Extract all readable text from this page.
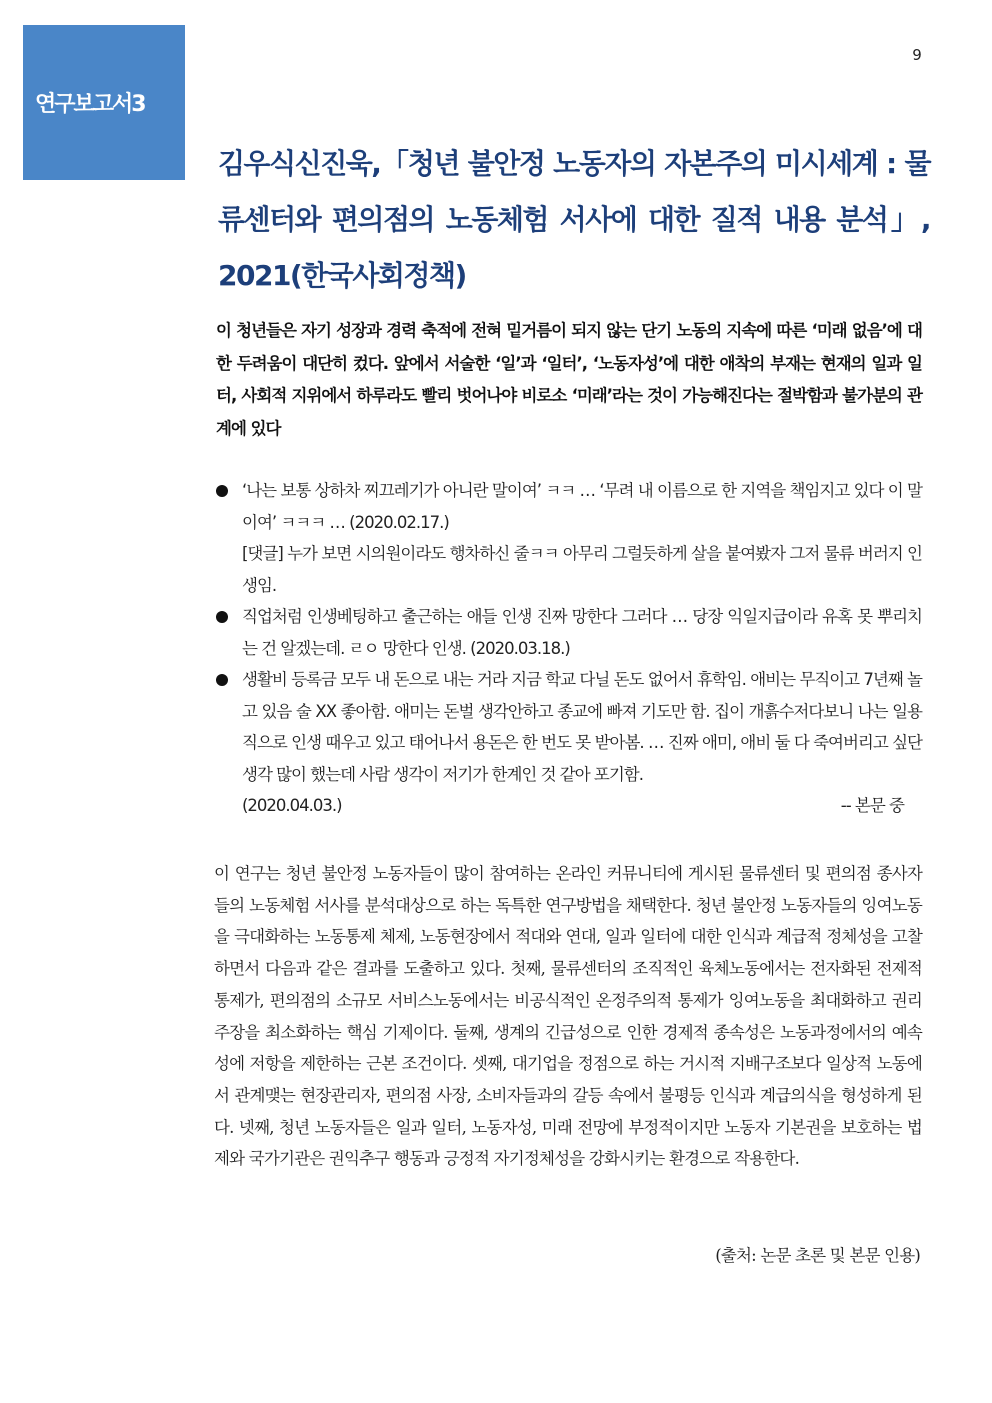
연구보고서3
9
김우식신진욱,「청년 불안정 노동자의 자본주의 미시세계 : 물류센터와 편의점의 노동체험 서사에 대한 질적 내용 분석」, 2021(한국사회정책)
이 청년들은 자기 성장과 경력 축적에 전혀 밑거름이 되지 않는 단기 노동의 지속에 따른 ‘미래 없음’에 대한 두려움이 대단히 컸다. 앞에서 서술한 ‘일’과 ‘일터’, ‘노동자성’에 대한 애착의 부재는 현재의 일과 일터, 사회적 지위에서 하루라도 빨리 벗어나야 비로소 ‘미래’라는 것이 가능해진다는 절박함과 불가분의 관계에 있다
‘나는 보통 상하차 찌끄레기가 아니란 말이여’ ㅋㅋ … ‘무려 내 이름으로 한 지역을 책임지고 있다 이 말이여’ ㅋㅋㅋ … (2020.02.17.)
[댓글] 누가 보면 시의원이라도 행차하신 줄ㅋㅋ 아무리 그럴듯하게 살을 붙여봤자 그저 물류 버러지 인생임.
직업처럼 인생베팅하고 출근하는 애들 인생 진짜 망한다 그러다 … 당장 익일지급이라 유혹 못 뿌리치는 건 알겠는데. ㄹㅇ 망한다 인생. (2020.03.18.)
생활비 등록금 모두 내 돈으로 내는 거라 지금 학교 다닐 돈도 없어서 휴학임. 애비는 무직이고 7년째 놀고 있음 술 XX 좋아함. 애미는 돈벌 생각안하고 종교에 빠져 기도만 함. 집이 개흙수저다보니 나는 일용직으로 인생 때우고 있고 태어나서 용돈은 한 번도 못 받아봄. … 진짜 애미, 애비 둘 다 죽여버리고 싶단 생각 많이 했는데 사람 생각이 저기가 한계인 것 같아 포기함.
(2020.04.03.)	-- 본문 중
이 연구는 청년 불안정 노동자들이 많이 참여하는 온라인 커뮤니티에 게시된 물류센터 및 편의점 종사자들의 노동체험 서사를 분석대상으로 하는 독특한 연구방법을 채택한다. 청년 불안정 노동자들의 잉여노동을 극대화하는 노동통제 체제, 노동현장에서 적대와 연대, 일과 일터에 대한 인식과 계급적 정체성을 고찰하면서 다음과 같은 결과를 도출하고 있다. 첫째, 물류센터의 조직적인 육체노동에서는 전자화된 전제적 통제가, 편의점의 소규모 서비스노동에서는 비공식적인 온정주의적 통제가 잉여노동을 최대화하고 권리주장을 최소화하는 핵심 기제이다. 둘째, 생계의 긴급성으로 인한 경제적 종속성은 노동과정에서의 예속성에 저항을 제한하는 근본 조건이다. 셋째, 대기업을 정점으로 하는 거시적 지배구조보다 일상적 노동에서 관계맺는 현장관리자, 편의점 사장, 소비자들과의 갈등 속에서 불평등 인식과 계급의식을 형성하게 된다. 넷째, 청년 노동자들은 일과 일터, 노동자성, 미래 전망에 부정적이지만 노동자 기본권을 보호하는 법제와 국가기관은 권익추구 행동과 긍정적 자기정체성을 강화시키는 환경으로 작용한다.
(출처: 논문 초론 및 본문 인용)
